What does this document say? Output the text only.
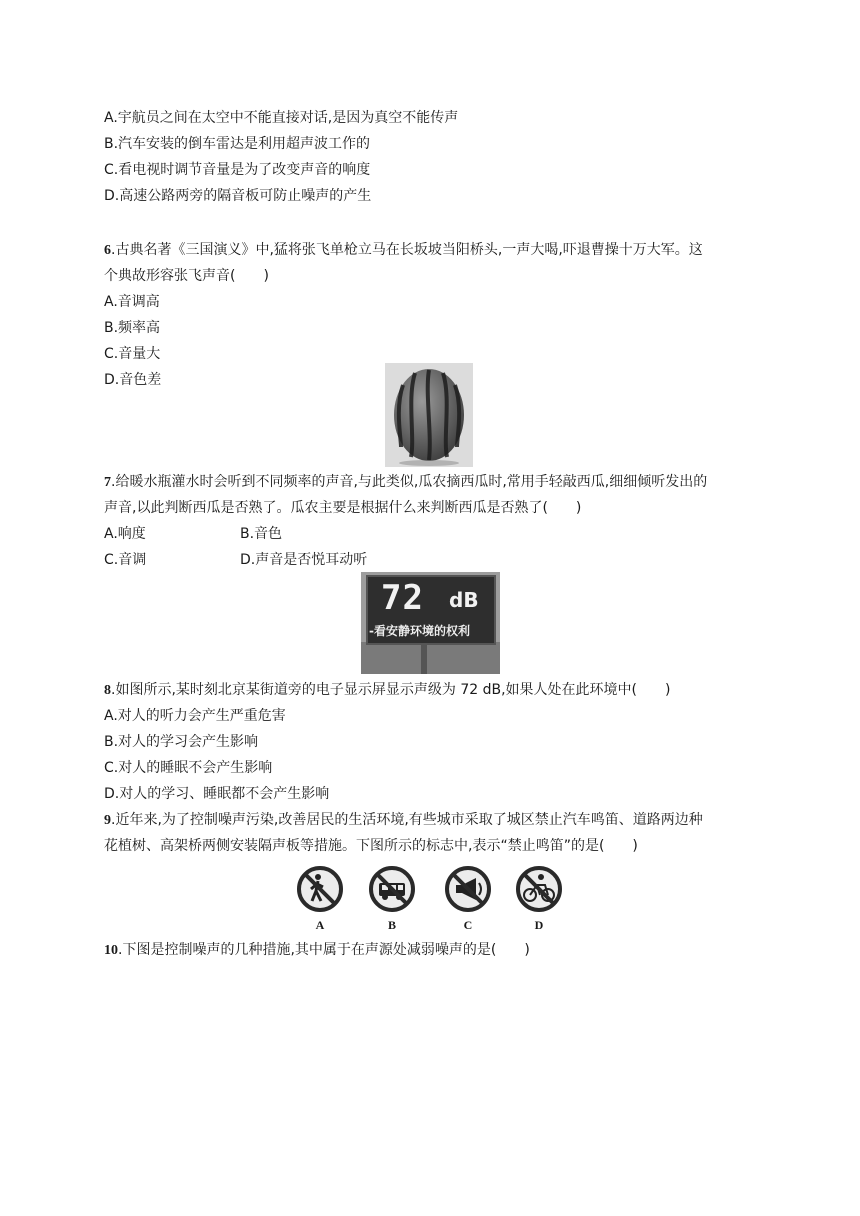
A.宇航员之间在太空中不能直接对话,是因为真空不能传声
B.汽车安装的倒车雷达是利用超声波工作的
C.看电视时调节音量是为了改变声音的响度
D.高速公路两旁的隔音板可防止噪声的产生
6.古典名著《三国演义》中,猛将张飞单枪立马在长坂坡当阳桥头,一声大喝,吓退曹操十万大军。这
个典故形容张飞声音(　　)
A.音调高
B.频率高
C.音量大
D.音色差
7.给暖水瓶灌水时会听到不同频率的声音,与此类似,瓜农摘西瓜时,常用手轻敲西瓜,细细倾听发出的
声音,以此判断西瓜是否熟了。瓜农主要是根据什么来判断西瓜是否熟了(　　)
A.响度	B.音色
C.音调	D.声音是否悦耳动听
72 dB
-看安静环境的权利
8.如图所示,某时刻北京某街道旁的电子显示屏显示声级为 72 dB,如果人处在此环境中(　　)
A.对人的听力会产生严重危害
B.对人的学习会产生影响
C.对人的睡眠不会产生影响
D.对人的学习、睡眠都不会产生影响
9.近年来,为了控制噪声污染,改善居民的生活环境,有些城市采取了城区禁止汽车鸣笛、道路两边种
花植树、高架桥两侧安装隔声板等措施。下图所示的标志中,表示“禁止鸣笛”的是(　　)
A	B	C	D
10.下图是控制噪声的几种措施,其中属于在声源处减弱噪声的是(　　)
